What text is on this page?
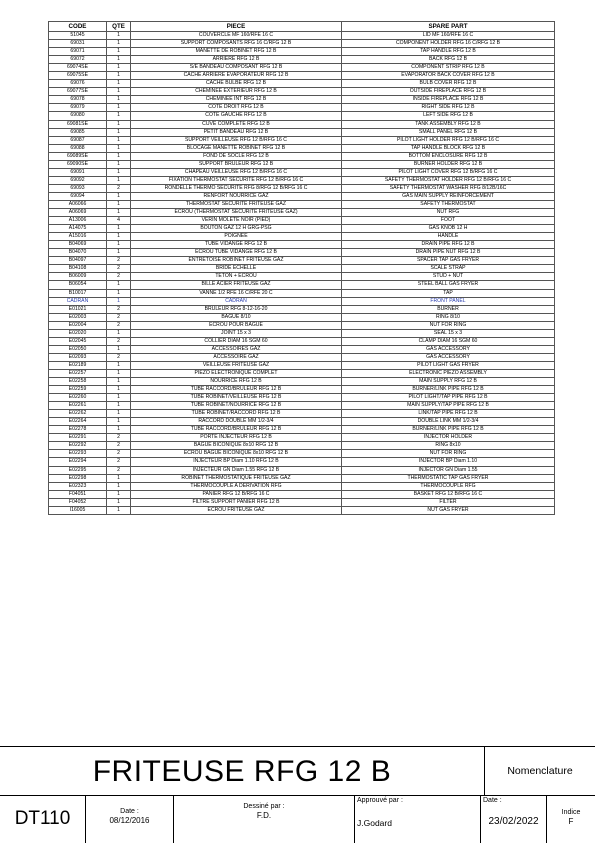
CODE	QTE	PIECE	SPARE PART
51045	1	COUVERCLE MF 160/RFE 16 C	LID MF 160/RFE 16 C
69031	1	SUPPORT COMPOSANTS RFG 16 C/RFG 12 B	COMPONENT HOLDER RFG 16 C/RFG 12 B
69071	1	MANETTE DE ROBINET RFG 12 B	TAP HANDLE RFG 12 B
69072	1	ARRIERE RFG 12 B	BACK RFG 12 B
69074SE	1	S/E BANDEAU COMPOSANT RFG 12 B	COMPONENT STRIP RFG 12 B
69075SE	1	CACHE ARRIERE EVAPORATEUR RFG 12 B	EVAPORATOR BACK COVER RFG 12 B
69076	1	CACHE BULBE RFG 12 B	BULB COVER RFG 12 B
69077SE	1	CHEMINEE EXTERIEUR RFG 12 B	OUTSIDE FIREPLACE RFG 12 B
69078	1	CHEMINEE INT RFG 12 B	INSIDE FIREPLACE RFG 12 B
69079	1	COTE DROIT RFG 12 B	RIGHT SIDE RFG 12 B
69080	1	COTE GAUCHE RFG 12 B	LEFT SIDE RFG 12 B
69081SE	1	CUVE COMPLETE RFG 12 B	TANK ASSEMBLY RFG 12 B
69085	1	PETIT BANDEAU RFG 12 B	SMALL PANEL RFG 12 B
69087	1	SUPPORT VEILLEUSE RFG 12 B/RFG 16 C	PILOT LIGHT HOLDER RFG 12 B/RFG 16 C
69088	1	BLOCAGE MANETTE ROBINET RFG 12 B	TAP HANDLE BLOCK RFG 12 B
69089SE	1	FOND DE SOCLE RFG 12 B	BOTTOM ENCLOSURE RFG 12 B
69090SE	1	SUPPORT BRULEUR RFG 12 B	BURNER HOLDER RFG 12 B
69091	1	CHAPEAU VEILLEUSE RFG 12 B/RFG 16 C	PILOT LIGHT COVER RFG 12 B/RFG 16 C
69092	1	FIXATION THERMOSTAT SECURITE RFG 12 B/RFG 16 C	SAFETY THERMOSTAT HOLDER RFG 12 B/RFG 16 C
69093	2	RONDELLE THERMO SECURITE RFG 8/RFG 12 B/RFG 16 C	SAFETY THERMOSTAT WASHER RFG 8/12B/16C
69094	1	RENFORT NOURRICE GAZ	GAS MAIN SUPPLY REINFORCEMENT
A06066	1	THERMOSTAT SECURITÉ FRITEUSE GAZ	SAFETY THERMOSTAT
A06069	1	ECROU (THERMOSTAT SECURITÉ FRITEUSE GAZ)	NUT RFG
A13006	4	VERIN MOLETE NOIR (PIED)	FOOT
A14075	1	BOUTON GAZ 12 H GRG-PSG	GAS KNOB 12 H
A15016	1	POIGNEE	HANDLE
B04069	1	TUBE VIDANGE RFG 12 B	DRAIN PIPE RFG 12 B
B04070	1	ECROU TUBE VIDANGE RFG 12 B	DRAIN PIPE NUT RFG 12 B
B04097	2	ENTRETOISE ROBINET FRITEUSE GAZ	SPACER TAP GAS FRYER
B04108	2	BRIDE ECHELLE	SCALE STRAP
B06009	2	TETON + ECROU	STUD + NUT
B06054	1	BILLE ACIER FRITEUSE GAZ	STEEL BALL GAS FRYER
B10017	1	VANNE 1/2 RFE 16 C/RFE 20 C	TAP
CADRAN	1	CADRAN	FRONT PANEL
E01021	2	BRULEUR RFG 8-12-16-20	BURNER
E02003	2	BAGUE 8/10	RING 8/10
E02004	2	ECROU POUR BAGUE	NUT FOR RING
E02020	1	JOINT 15 x 3	SEAL 15 x 3
E02045	2	COLLIER DIAM 16 SGM 60	CLAMP DIAM 16 SGM 60
E02050	1	ACCESSOIRES GAZ	GAS ACCESSORY
E02093	2	ACCESSOIRE GAZ	GAS ACCESSORY
E02189	1	VEILLEUSE FRITEUSE GAZ	PILOT LIGHT GAS FRYER
E02257	1	PIEZO ELECTRONIQUE COMPLET	ELECTRONIC PIEZO ASSEMBLY
E02258	1	NOURRICE RFG 12 B	MAIN SUPPLY RFG 12 B
E02259	1	TUBE RACCORD/BRULEUR RFG 12 B	BURNER/LINK PIPE RFG 12 B
E02260	1	TUBE ROBINET/VEILLEUSE RFG 12 B	PILOT LIGHT/TAP PIPE RFG 12 B
E02261	1	TUBE ROBINET/NOURRICE RFG 12 B	MAIN SUPPLY/TAP PIPE RFG 12 B
E02262	1	TUBE ROBINET/RACCORD RFG 12 B	LINK/TAP PIPE RFG 12 B
E02264	1	RACCORD DOUBLE MM 1/2-3/4	DOUBLE LINK MM 1/2-3/4
E02278	1	TUBE RACCORD/BRULEUR RFG 12 B	BURNER/LINK PIPE RFG 12 B
E02291	2	PORTE INJECTEUR RFG 12 B	INJECTOR HOLDER
E02292	2	BAGUE BICONIQUE 8x10 RFG 12 B	RING 8x10
E02293	2	ECROU BAGUE BICONIQUE 8x10 RFG 12 B	NUT FOR RING
E02294	2	INJECTEUR BP Diam 1.10 RFG 12 B	INJECTOR BP Diam 1.10
E02295	2	INJECTEUR GN Diam 1.55 RFG 12 B	INJECTOR GN Diam 1.55
E02298	1	ROBINET THERMOSTATIQUE FRITEUSE GAZ	THERMOSTATIC TAP GAS FRYER
E02323	1	THERMOCOUPLE A DERIVATION RFG	THERMOCOUPLE RFG
F04051	1	PANIER RFG 12 B/RFG 16 C	BASKET RFG 12 B/RFG 16 C
F04052	1	FILTRE SUPPORT PANIER RFG 12 B	FILTER
I16005	1	ECROU FRITEUSE GAZ	NUT GAS FRYER
FRITEUSE RFG 12 B	Nomenclature
DT110	Date :
08/12/2016
Dessiné par :
F.D.
Approuvé par :
J.Godard
Date :
23/02/2022
Indice
F
